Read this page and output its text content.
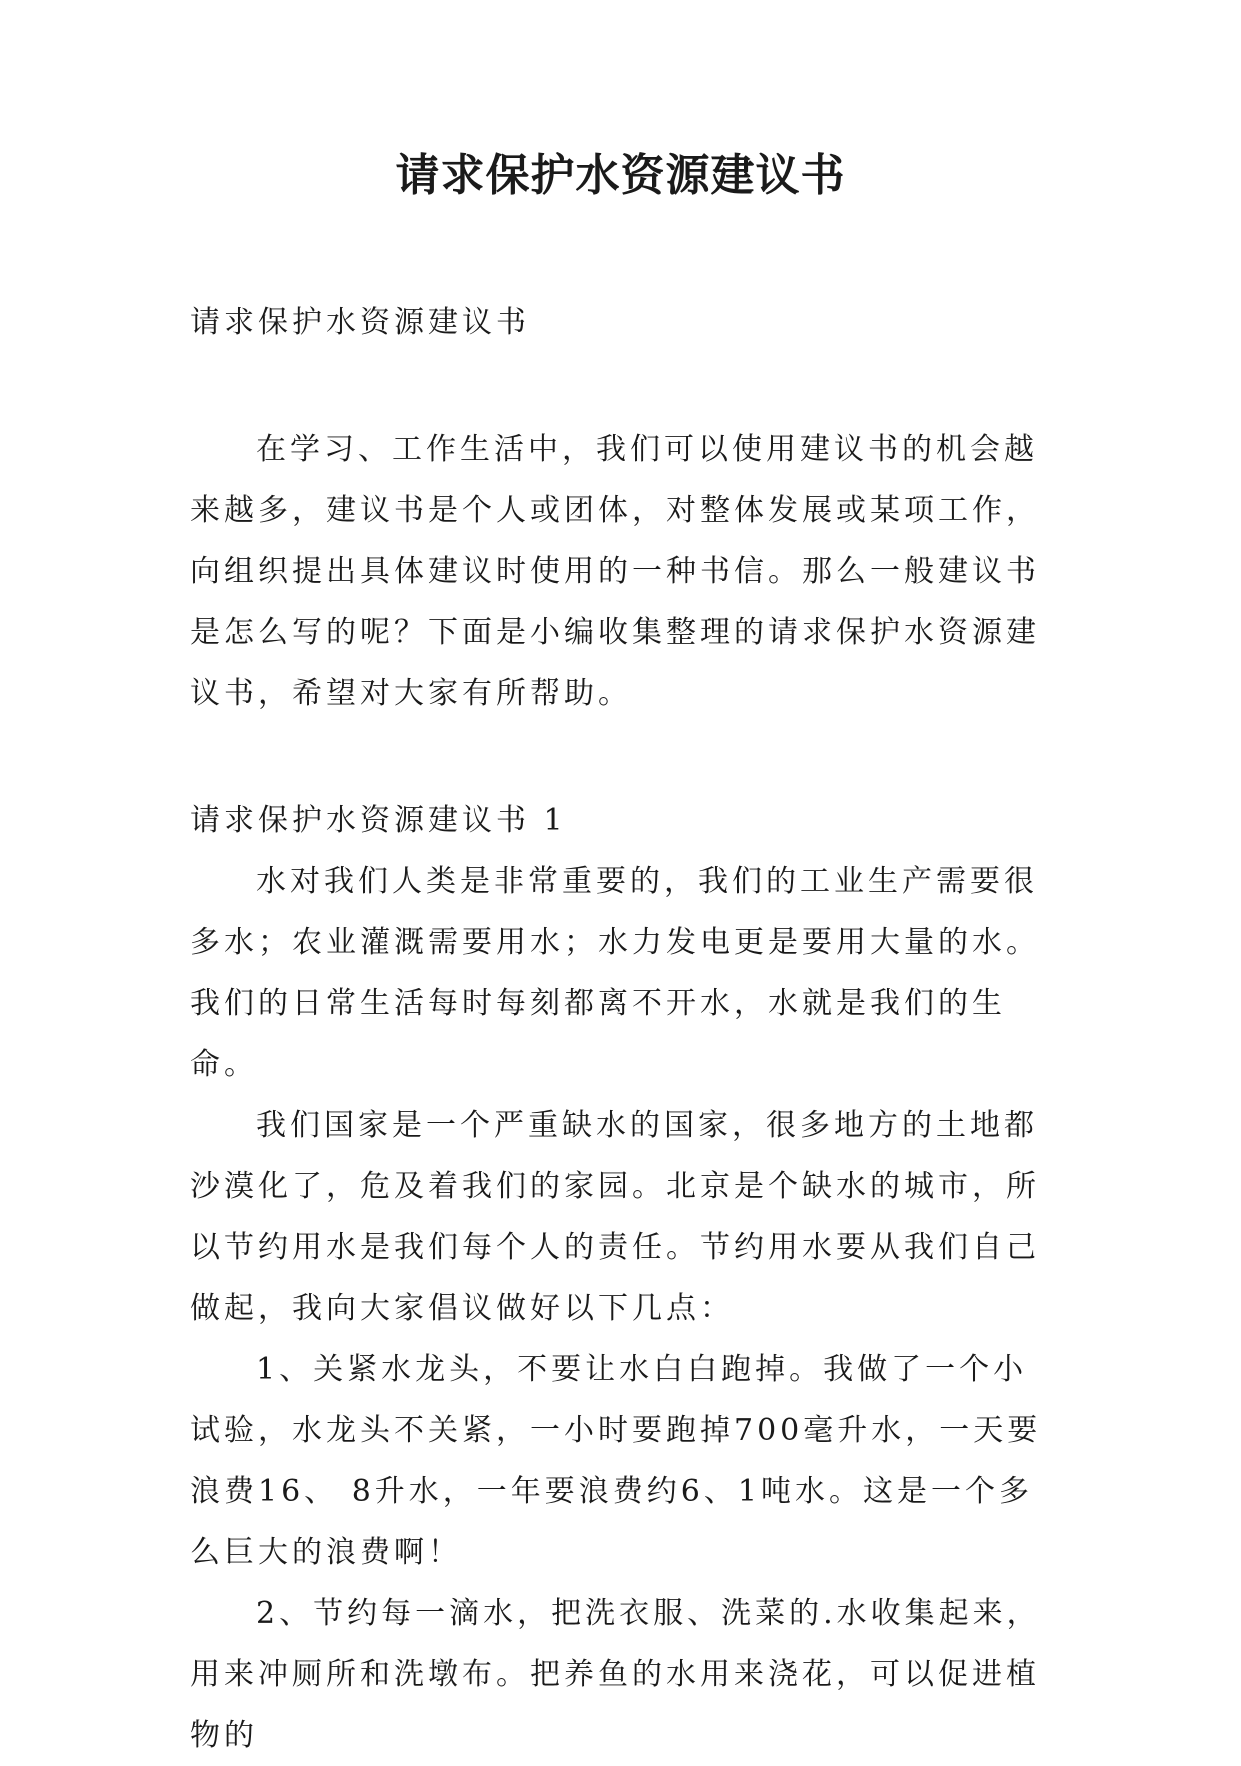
请求保护水资源建议书

请求保护水资源建议书

在学习、工作生活中，我们可以使用建议书的机会越来越多，建议书是个人或团体，对整体发展或某项工作，向组织提出具体建议时使用的一种书信。那么一般建议书是怎么写的呢？下面是小编收集整理的请求保护水资源建议书，希望对大家有所帮助。

请求保护水资源建议书 1

水对我们人类是非常重要的，我们的工业生产需要很多水；农业灌溉需要用水；水力发电更是要用大量的水。我们的日常生活每时每刻都离不开水，水就是我们的生命。

我们国家是一个严重缺水的国家，很多地方的土地都沙漠化了，危及着我们的家园。北京是个缺水的城市，所以节约用水是我们每个人的责任。节约用水要从我们自己做起，我向大家倡议做好以下几点：

1、关紧水龙头，不要让水白白跑掉。我做了一个小试验，水龙头不关紧，一小时要跑掉700毫升水，一天要浪费16、 8升水，一年要浪费约6、1吨水。这是一个多么巨大的浪费啊！

2、节约每一滴水，把洗衣服、洗菜的.水收集起来，用来冲厕所和洗墩布。把养鱼的水用来浇花，可以促进植物的
